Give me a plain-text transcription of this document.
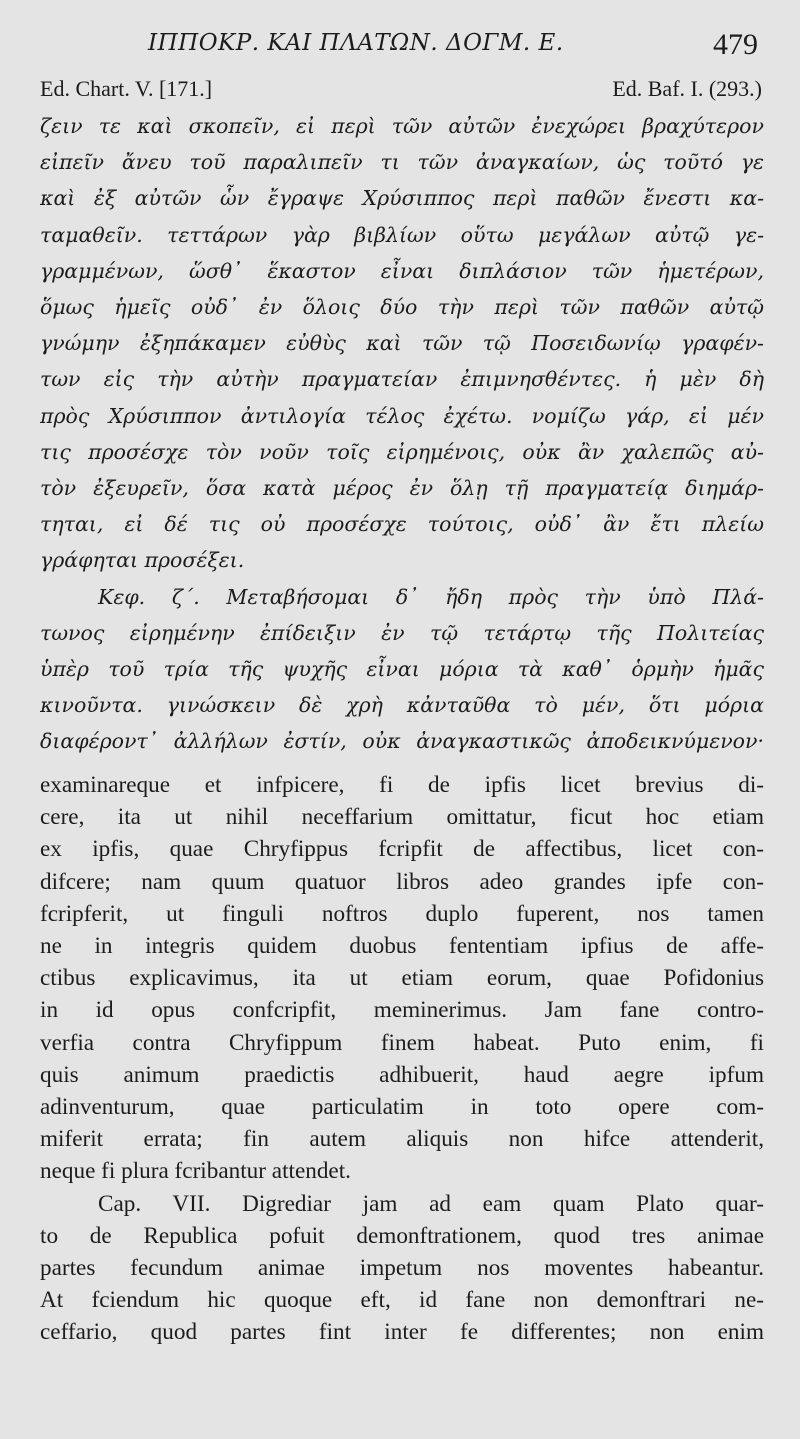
ΙΠΠΟΚΡ. ΚΑΙ ΠΛΑΤΩΝ. ΔΟΓΜ. Ε.	479
Ed. Chart. V. [171.]	Ed. Baf. I. (293.)
ζειν τε καὶ σκοπεῖν, εἰ περὶ τῶν αὐτῶν ἐνεχώρει βραχύτερον
εἰπεῖν ἄνευ τοῦ παραλιπεῖν τι τῶν ἀναγκαίων, ὡς τοῦτό γε
καὶ ἐξ αὐτῶν ὧν ἔγραψε Χρύσιππος περὶ παθῶν ἔνεστι κα-
ταμαθεῖν. τεττάρων γὰρ βιβλίων οὕτω μεγάλων αὐτῷ γε-
γραμμένων, ὥσθ᾽ ἕκαστον εἶναι διπλάσιον τῶν ἡμετέρων,
ὅμως ἡμεῖς οὐδ᾽ ἐν ὅλοις δύο τὴν περὶ τῶν παθῶν αὐτῷ
γνώμην ἐξηπάκαμεν εὐθὺς καὶ τῶν τῷ Ποσειδωνίῳ γραφέν-
των εἰς τὴν αὐτὴν πραγματείαν ἐπιμνησθέντες. ἡ μὲν δὴ
πρὸς Χρύσιππον ἀντιλογία τέλος ἐχέτω. νομίζω γάρ, εἰ μέν
τις προσέσχε τὸν νοῦν τοῖς εἰρημένοις, οὐκ ἂν χαλεπῶς αὐ-
τὸν ἐξευρεῖν, ὅσα κατὰ μέρος ἐν ὅλῃ τῇ πραγματείᾳ διημάρ-
τηται, εἰ δέ τις οὐ προσέσχε τούτοις, οὐδ᾽ ἂν ἔτι πλείω
γράφηται προσέξει.
Κεφ. ζ΄. Μεταβήσομαι δ᾽ ἤδη πρὸς τὴν ὑπὸ Πλά-
τωνος εἰρημένην ἐπίδειξιν ἐν τῷ τετάρτῳ τῆς Πολιτείας
ὑπὲρ τοῦ τρία τῆς ψυχῆς εἶναι μόρια τὰ καθ᾽ ὁρμὴν ἡμᾶς
κινοῦντα. γινώσκειν δὲ χρὴ κἀνταῦθα τὸ μέν, ὅτι μόρια
διαφέροντ᾽ ἀλλήλων ἐστίν, οὐκ ἀναγκαστικῶς ἀποδεικνύμενον·
examinareque et infpicere, fi de ipfis licet brevius di-
cere, ita ut nihil neceffarium omittatur, ficut hoc etiam
ex ipfis, quae Chryfippus fcripfit de affectibus, licet con-
difcere; nam quum quatuor libros adeo grandes ipfe con-
fcripferit, ut finguli noftros duplo fuperent, nos tamen
ne in integris quidem duobus fententiam ipfius de affe-
ctibus explicavimus, ita ut etiam eorum, quae Pofidonius
in id opus confcripfit, meminerimus. Jam fane contro-
verfia contra Chryfippum finem habeat. Puto enim, fi
quis animum praedictis adhibuerit, haud aegre ipfum
adinventurum, quae particulatim in toto opere com-
miferit errata; fin autem aliquis non hifce attenderit,
neque fi plura fcribantur attendet.
Cap. VII. Digrediar jam ad eam quam Plato quar-
to de Republica pofuit demonftrationem, quod tres animae
partes fecundum animae impetum nos moventes habeantur.
At fciendum hic quoque eft, id fane non demonftrari ne-
ceffario, quod partes fint inter fe differentes; non enim
